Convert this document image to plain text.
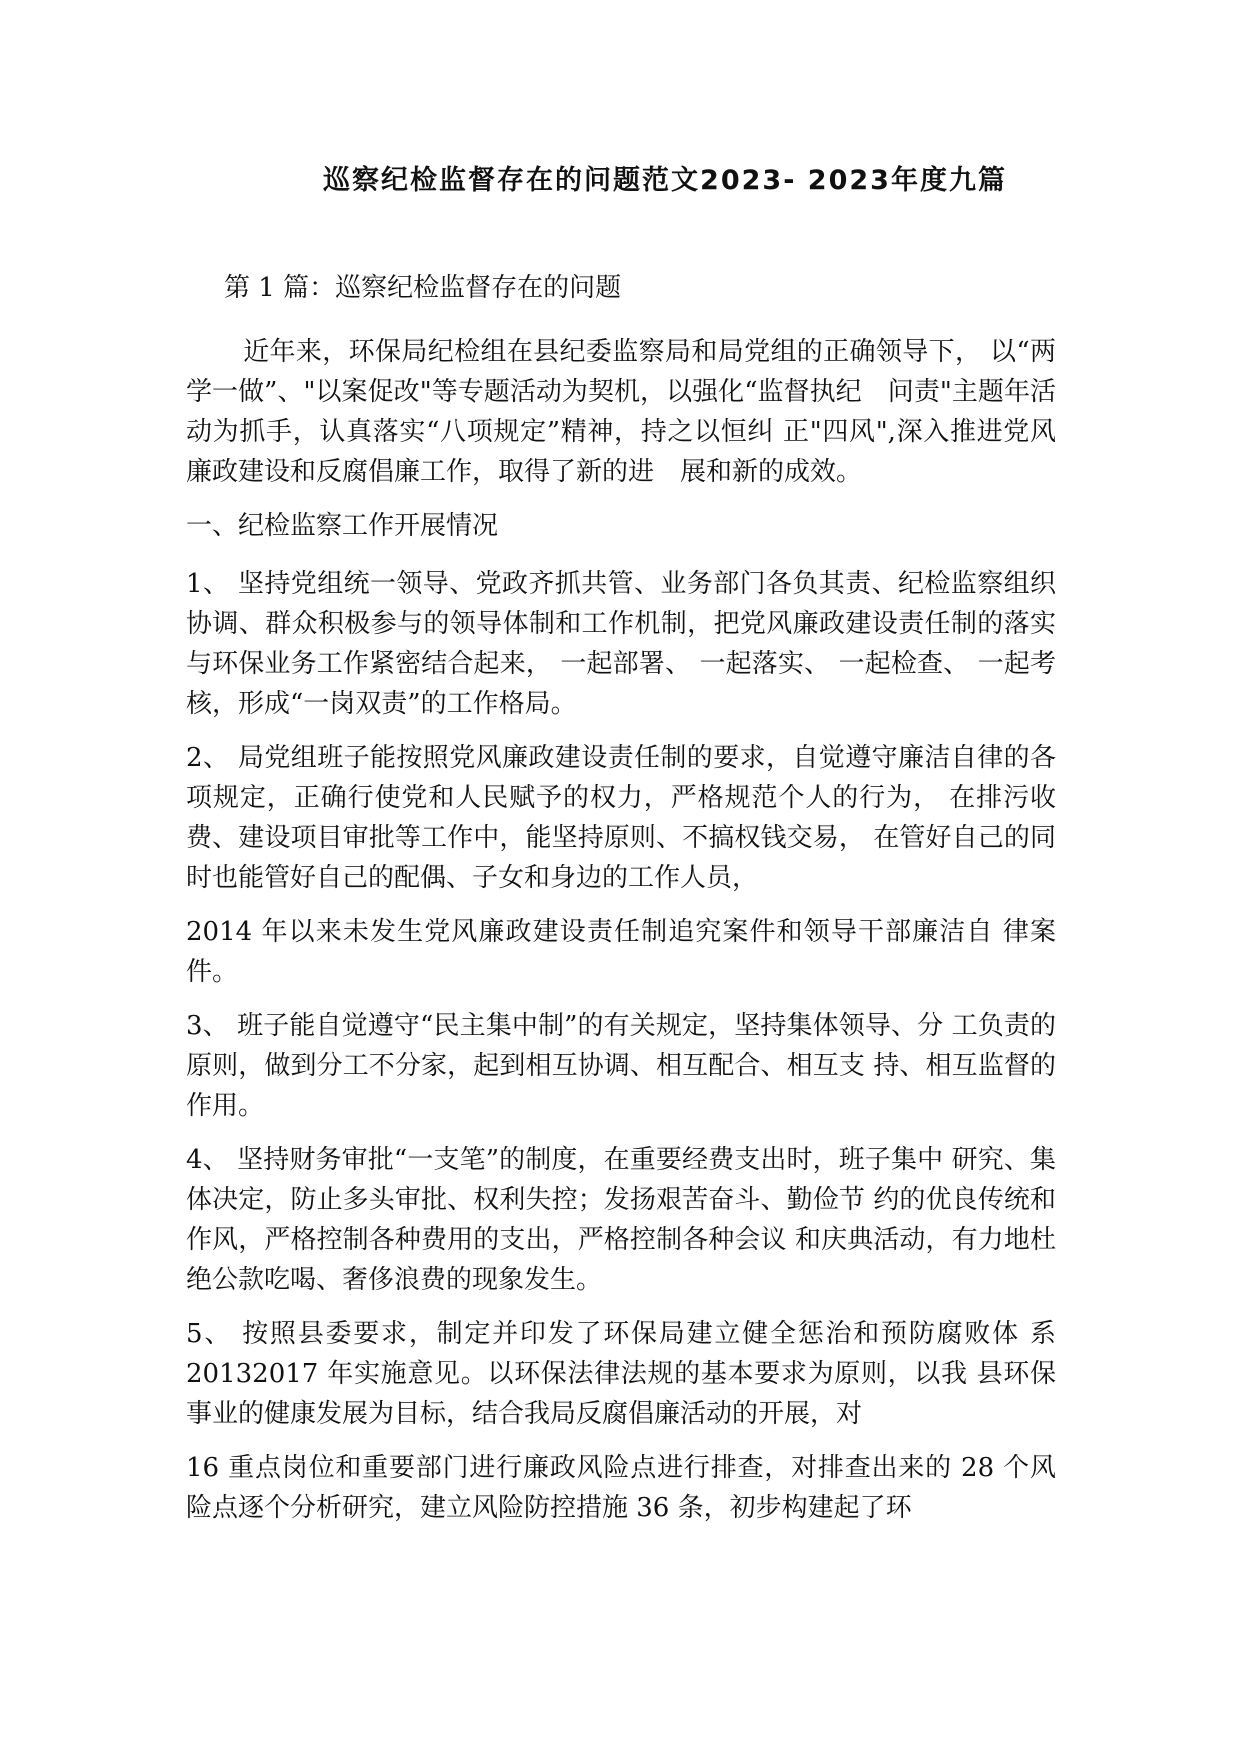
巡察纪检监督存在的问题范文2023- 2023年度九篇

第 1 篇：巡察纪检监督存在的问题

近年来，环保局纪检组在县纪委监察局和局党组的正确领导下， 以“两学一做”、"以案促改"等专题活动为契机，以强化“监督执纪　问责"主题年活动为抓手，认真落实“八项规定”精神，持之以恒纠 正"四风",深入推进党风廉政建设和反腐倡廉工作，取得了新的进　展和新的成效。

一、纪检监察工作开展情况

1、 坚持党组统一领导、党政齐抓共管、业务部门各负其责、纪检监察组织协调、群众积极参与的领导体制和工作机制，把党风廉政建设责任制的落实与环保业务工作紧密结合起来， 一起部署、 一起落实、 一起检查、 一起考核，形成“一岗双责”的工作格局。

2、 局党组班子能按照党风廉政建设责任制的要求，自觉遵守廉洁自律的各项规定，正确行使党和人民赋予的权力，严格规范个人的行为， 在排污收费、建设项目审批等工作中，能坚持原则、不搞权钱交易， 在管好自己的同时也能管好自己的配偶、子女和身边的工作人员，

2014 年以来未发生党风廉政建设责任制追究案件和领导干部廉洁自 律案件。

3、 班子能自觉遵守“民主集中制”的有关规定，坚持集体领导、分 工负责的原则，做到分工不分家，起到相互协调、相互配合、相互支 持、相互监督的作用。

4、 坚持财务审批“一支笔”的制度，在重要经费支出时，班子集中 研究、集体决定，防止多头审批、权利失控；发扬艰苦奋斗、勤俭节 约的优良传统和作风，严格控制各种费用的支出，严格控制各种会议 和庆典活动，有力地杜绝公款吃喝、奢侈浪费的现象发生。

5、 按照县委要求，制定并印发了环保局建立健全惩治和预防腐败体 系 20132017 年实施意见。以环保法律法规的基本要求为原则，以我 县环保事业的健康发展为目标，结合我局反腐倡廉活动的开展，对

16 重点岗位和重要部门进行廉政风险点进行排查，对排查出来的 28 个风险点逐个分析研究，建立风险防控措施 36 条，初步构建起了环
